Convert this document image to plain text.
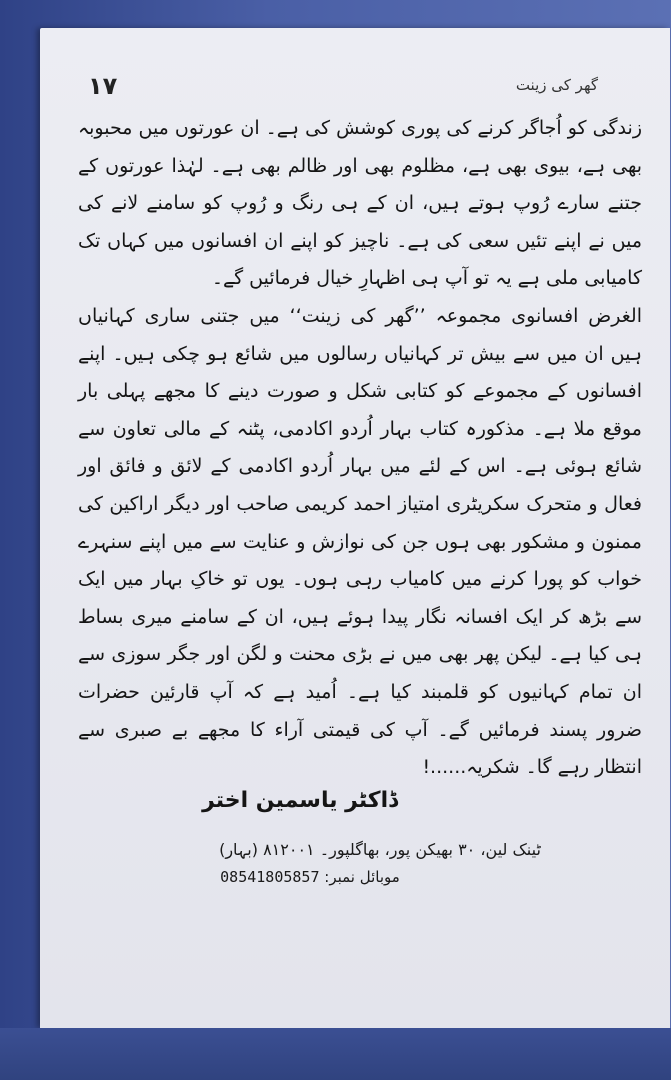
۱۷	گھر کی زینت

زندگی کو اُجاگر کرنے کی پوری کوشش کی ہے۔ ان عورتوں میں محبوبہ بھی ہے، بیوی بھی ہے، مظلوم بھی اور ظالم بھی ہے۔ لہٰذا عورتوں کے جتنے سارے رُوپ ہوتے ہیں، ان کے ہی رنگ و رُوپ کو سامنے لانے کی میں نے اپنے تئیں سعی کی ہے۔ ناچیز کو اپنے ان افسانوں میں کہاں تک کامیابی ملی ہے یہ تو آپ ہی اظہارِ خیال فرمائیں گے۔

الغرض افسانوی مجموعہ ’’گھر کی زینت‘‘ میں جتنی ساری کہانیاں ہیں ان میں سے بیش تر کہانیاں رسالوں میں شائع ہو چکی ہیں۔ اپنے افسانوں کے مجموعے کو کتابی شکل و صورت دینے کا مجھے پہلی بار موقع ملا ہے۔ مذکورہ کتاب بہار اُردو اکادمی، پٹنہ کے مالی تعاون سے شائع ہوئی ہے۔ اس کے لئے میں بہار اُردو اکادمی کے لائق و فائق اور فعال و متحرک سکریٹری امتیاز احمد کریمی صاحب اور دیگر اراکین کی ممنون و مشکور بھی ہوں جن کی نوازش و عنایت سے میں اپنے سنہرے خواب کو پورا کرنے میں کامیاب رہی ہوں۔ یوں تو خاکِ بہار میں ایک سے بڑھ کر ایک افسانہ نگار پیدا ہوئے ہیں، ان کے سامنے میری بساط ہی کیا ہے۔ لیکن پھر بھی میں نے بڑی محنت و لگن اور جگر سوزی سے ان تمام کہانیوں کو قلمبند کیا ہے۔ اُمید ہے کہ آپ قارئین حضرات ضرور پسند فرمائیں گے۔ آپ کی قیمتی آراء کا مجھے بے صبری سے انتظار رہے گا۔ شکریہ......!

ڈاکٹر یاسمین اختر
ٹینک لین، ۳۰ بھیکن پور، بھاگلپور۔ ۸۱۲۰۰۱ (بہار)
موبائل نمبر: 08541805857
